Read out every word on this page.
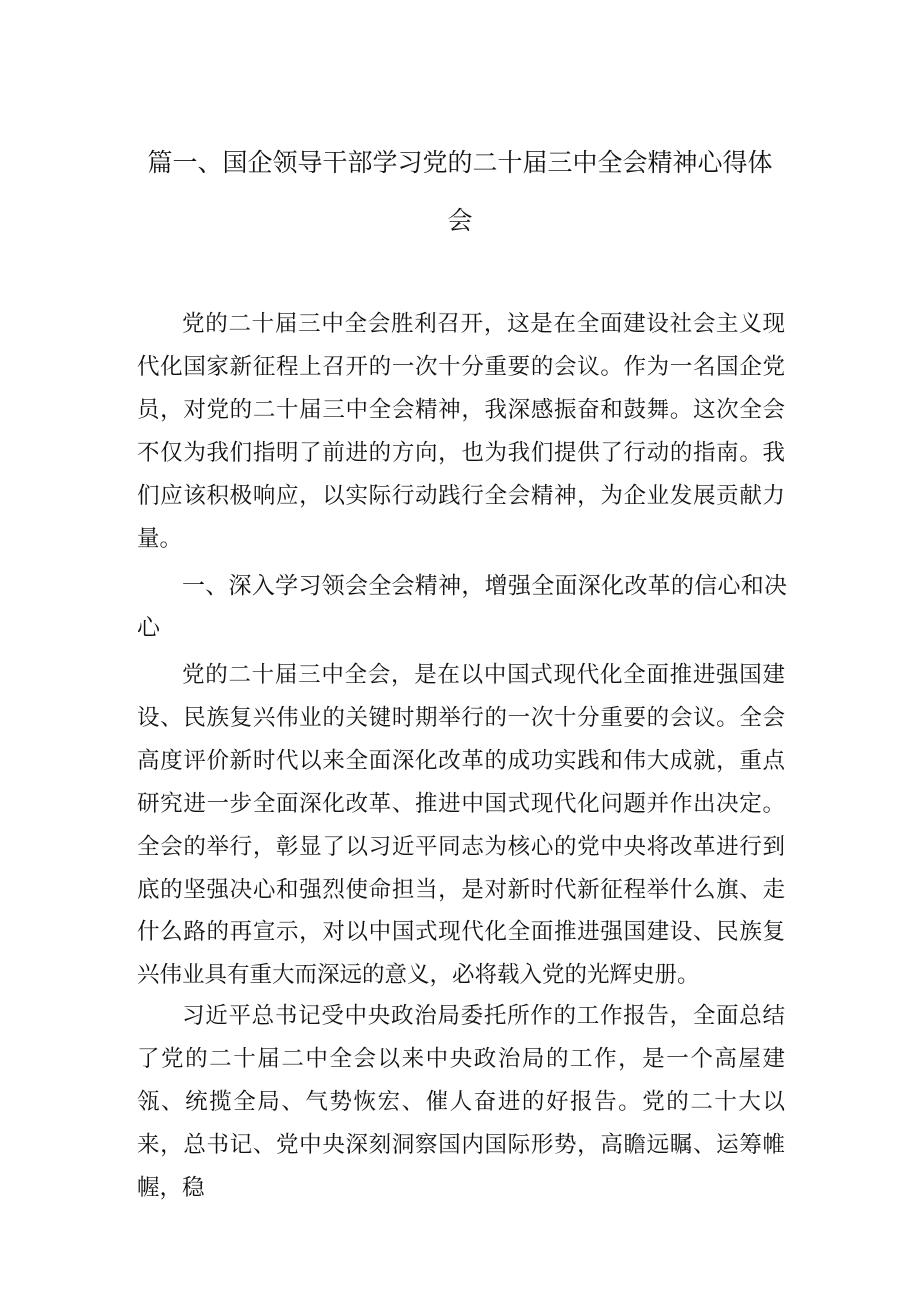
篇一、国企领导干部学习党的二十届三中全会精神心得体
会

党的二十届三中全会胜利召开，这是在全面建设社会主义现代化国家新征程上召开的一次十分重要的会议。作为一名国企党员，对党的二十届三中全会精神，我深感振奋和鼓舞。这次全会不仅为我们指明了前进的方向，也为我们提供了行动的指南。我们应该积极响应，以实际行动践行全会精神，为企业发展贡献力量。

一、深入学习领会全会精神，增强全面深化改革的信心和决心

党的二十届三中全会，是在以中国式现代化全面推进强国建设、民族复兴伟业的关键时期举行的一次十分重要的会议。全会高度评价新时代以来全面深化改革的成功实践和伟大成就，重点研究进一步全面深化改革、推进中国式现代化问题并作出决定。全会的举行，彰显了以习近平同志为核心的党中央将改革进行到底的坚强决心和强烈使命担当，是对新时代新征程举什么旗、走什么路的再宣示，对以中国式现代化全面推进强国建设、民族复兴伟业具有重大而深远的意义，必将载入党的光辉史册。

习近平总书记受中央政治局委托所作的工作报告，全面总结了党的二十届二中全会以来中央政治局的工作，是一个高屋建瓴、统揽全局、气势恢宏、催人奋进的好报告。党的二十大以来，总书记、党中央深刻洞察国内国际形势，高瞻远瞩、运筹帷幄，稳
